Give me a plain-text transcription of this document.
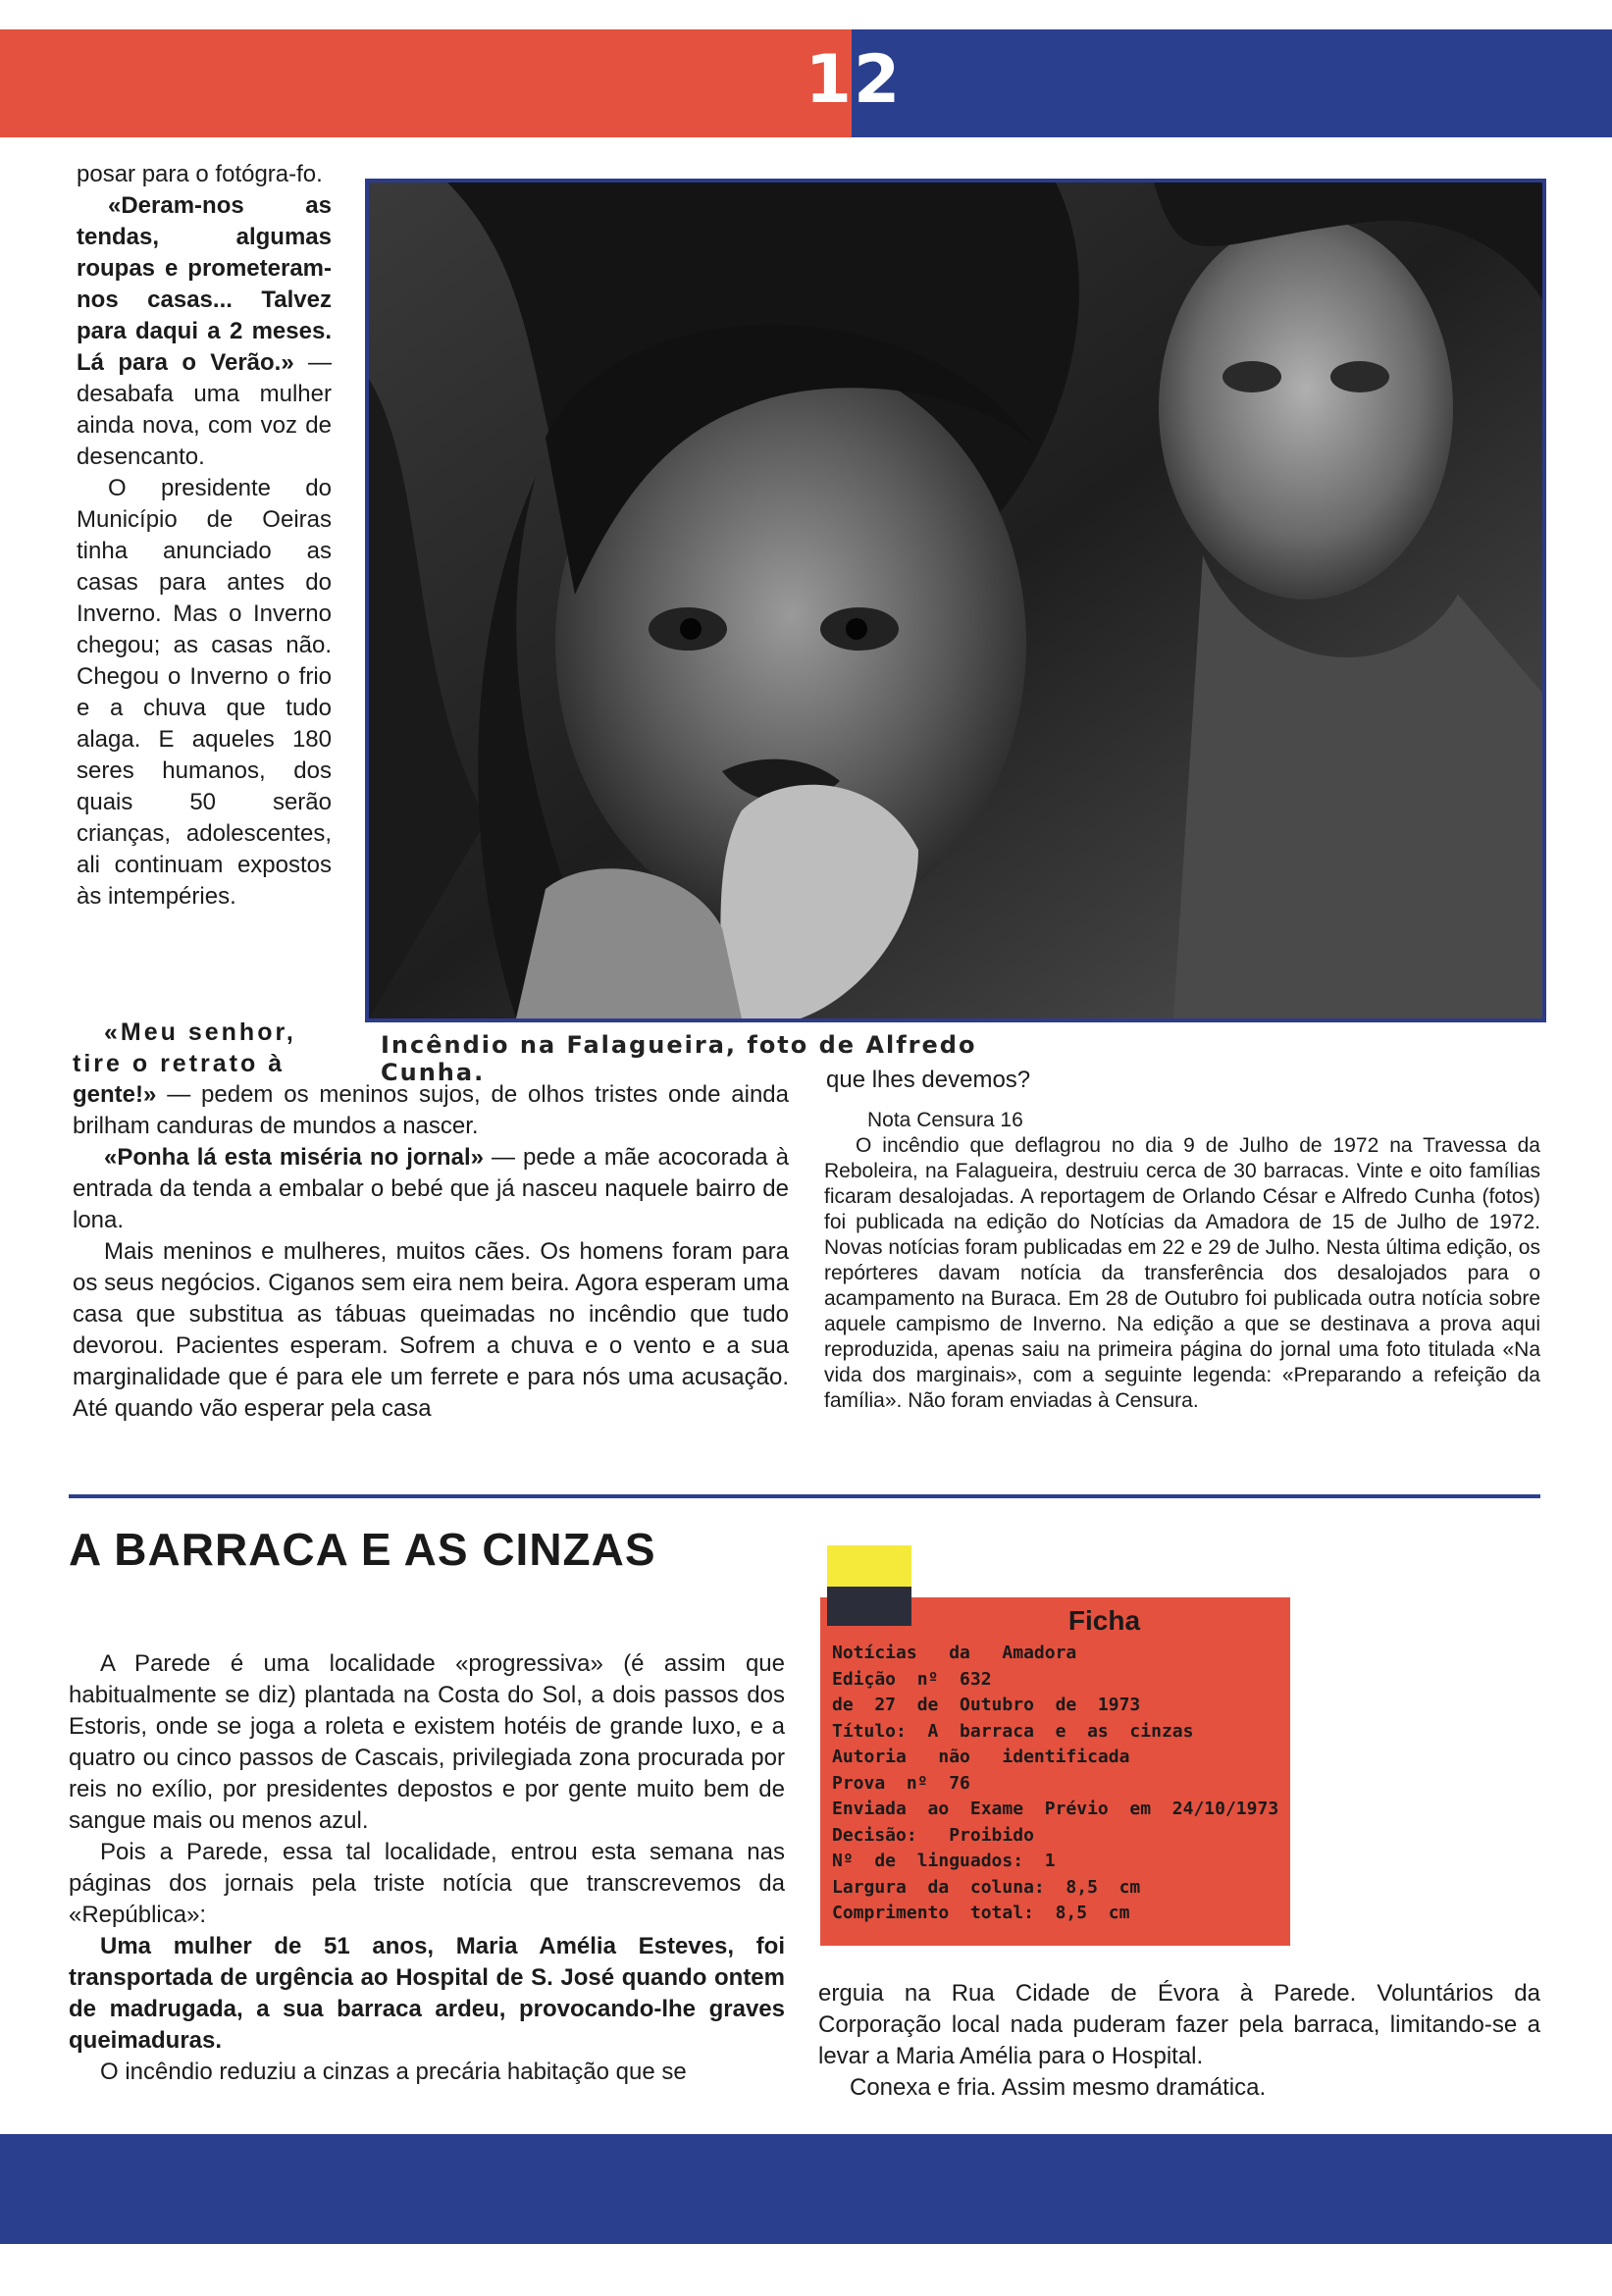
12
Incêndio na Falagueira, foto de Alfredo Cunha.

posar para o fotógra-fo.

«Deram-nos as tendas, algumas roupas e prometeram-nos casas... Talvez para daqui a 2 meses. Lá para o Verão.» — desabafa uma mulher ainda nova, com voz de desencanto.

O presidente do Município de Oeiras tinha anunciado as casas para antes do Inverno. Mas o Inverno chegou; as casas não. Chegou o Inverno o frio e a chuva que tudo alaga. E aqueles 180 seres humanos, dos quais 50 serão crianças, adolescentes, ali continuam expostos às intempéries.

«Meu senhor,

tire o retrato à

gente!» — pedem os meninos sujos, de olhos tristes onde ainda brilham canduras de mundos a nascer.

«Ponha lá esta miséria no jornal» — pede a mãe acocorada à entrada da tenda a embalar o bebé que já nasceu naquele bairro de lona.

Mais meninos e mulheres, muitos cães. Os homens foram para os seus negócios. Ciganos sem eira nem beira. Agora esperam uma casa que substitua as tábuas queimadas no incêndio que tudo devorou. Pacientes esperam. Sofrem a chuva e o vento e a sua marginalidade que é para ele um ferrete e para nós uma acusação. Até quando vão esperar pela casa

que lhes devemos?

Nota Censura 16

O incêndio que deflagrou no dia 9 de Julho de 1972 na Travessa da Reboleira, na Falagueira, destruiu cerca de 30 barracas. Vinte e oito famílias ficaram desalojadas. A reportagem de Orlando César e Alfredo Cunha (fotos) foi publicada na edição do Notícias da Amadora de 15 de Julho de 1972. Novas notícias foram publicadas em 22 e 29 de Julho. Nesta última edição, os repórteres davam notícia da transferência dos desalojados para o acampamento na Buraca. Em 28 de Outubro foi publicada outra notícia sobre aquele campismo de Inverno. Na edição a que se destinava a prova aqui reproduzida, apenas saiu na primeira página do jornal uma foto titulada «Na vida dos marginais», com a seguinte legenda: «Preparando a refeição da família». Não foram enviadas à Censura.

A BARRACA E AS CINZAS

A Parede é uma localidade «progressiva» (é assim que habitualmente se diz) plantada na Costa do Sol, a dois passos dos Estoris, onde se joga a roleta e existem hotéis de grande luxo, e a quatro ou cinco passos de Cascais, privilegiada zona procurada por reis no exílio, por presidentes depostos e por gente muito bem de sangue mais ou menos azul.

Pois a Parede, essa tal localidade, entrou esta semana nas páginas dos jornais pela triste notícia que transcrevemos da «República»:

Uma mulher de 51 anos, Maria Amélia Esteves, foi transportada de urgência ao Hospital de S. José quando ontem de madrugada, a sua barraca ardeu, provocando-lhe graves queimaduras.

O incêndio reduziu a cinzas a precária habitação que se

Ficha
Notícias   da   Amadora
Edição  nº  632
de  27  de  Outubro  de  1973
Título:  A  barraca  e  as  cinzas
Autoria   não   identificada
Prova  nº  76
Enviada  ao  Exame  Prévio  em  24/10/1973
Decisão:   Proibido
Nº  de  linguados:  1
Largura  da  coluna:  8,5  cm
Comprimento  total:  8,5  cm

erguia na Rua Cidade de Évora à Parede. Voluntários da Corporação local nada puderam fazer pela barraca, limitando-se a levar a Maria Amélia para o Hospital.

Conexa e fria. Assim mesmo dramática.
